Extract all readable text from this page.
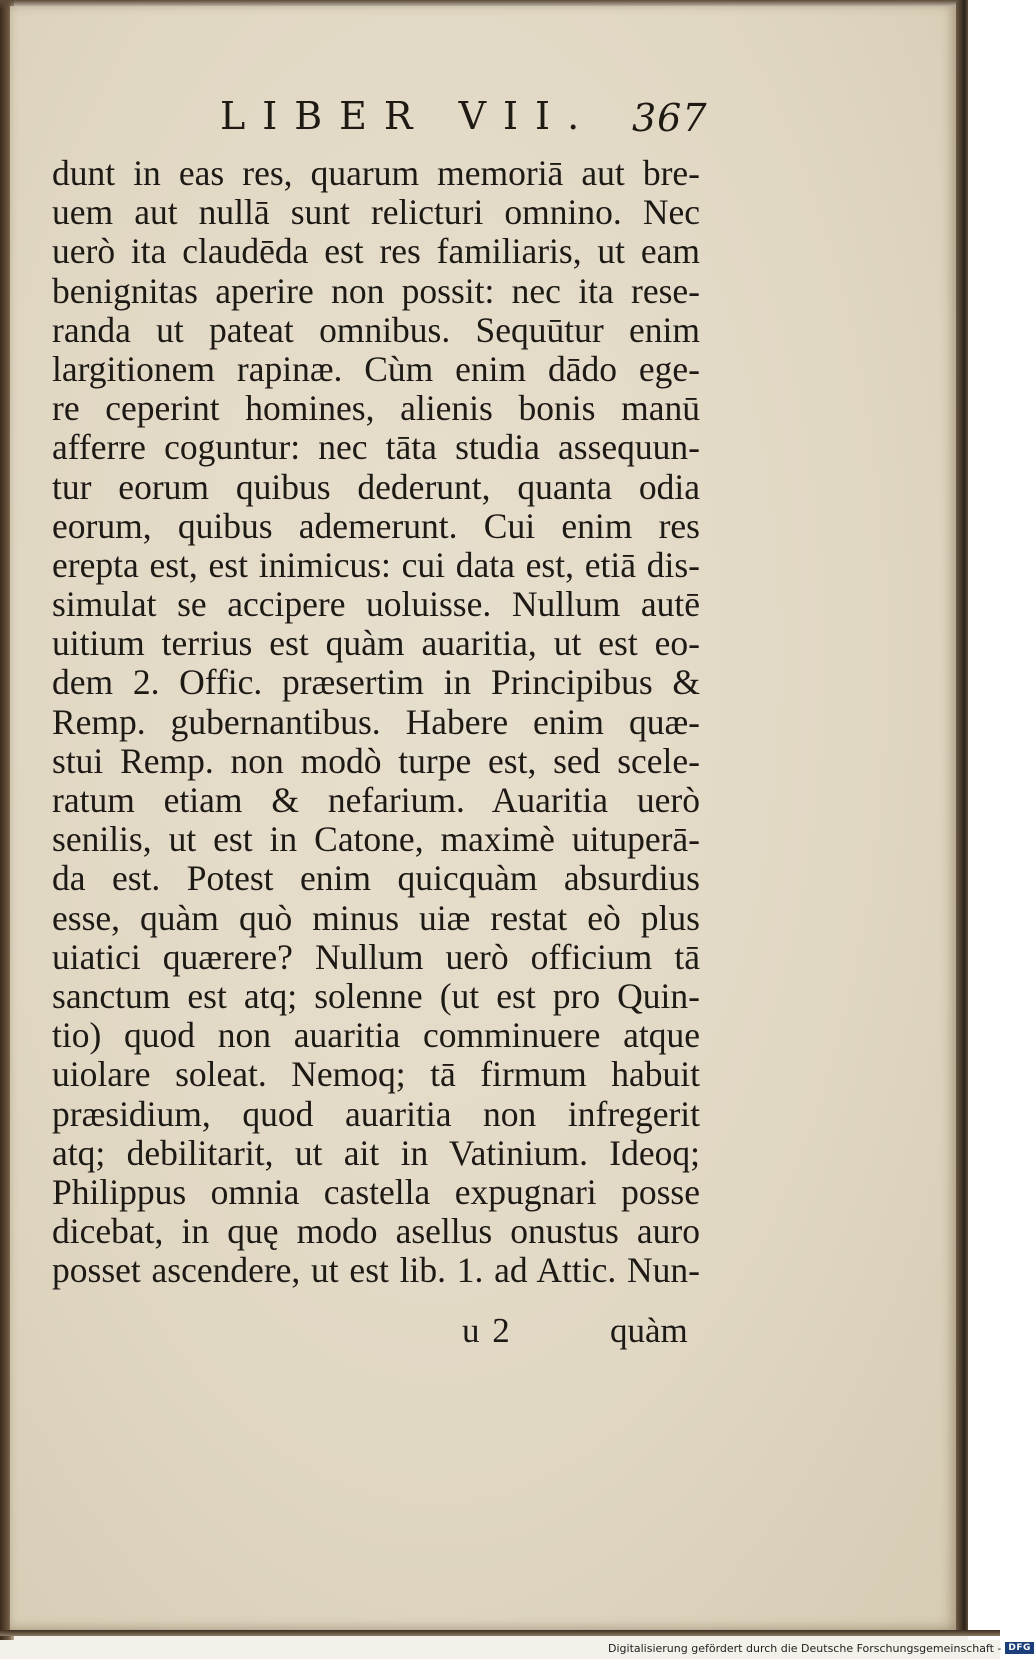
LIBER VII. 367
dunt in eas res, quarum memoriā aut bre-
uem aut nullā sunt relicturi omnino. Nec
uerò ita claudēda est res familiaris, ut eam
benignitas aperire non possit: nec ita rese-
randa ut pateat omnibus. Sequūtur enim
largitionem rapinæ. Cùm enim dādo ege-
re ceperint homines, alienis bonis manū
afferre coguntur: nec tāta studia assequun-
tur eorum quibus dederunt, quanta odia
eorum, quibus ademerunt. Cui enim res
erepta est, est inimicus: cui data est, etiā dis-
simulat se accipere uoluisse. Nullum autē
uitium terrius est quàm auaritia, ut est eo-
dem 2. Offic. præsertim in Principibus &
Remp. gubernantibus. Habere enim quæ-
stui Remp. non modò turpe est, sed scele-
ratum etiam & nefarium. Auaritia uerò
senilis, ut est in Catone, maximè uituperā-
da est. Potest enim quicquàm absurdius
esse, quàm quò minus uiæ restat eò plus
uiatici quærere? Nullum uerò officium tā
sanctum est atq; solenne (ut est pro Quin-
tio) quod non auaritia comminuere atque
uiolare soleat. Nemoq; tā firmum habuit
præsidium, quod auaritia non infregerit
atq; debilitarit, ut ait in Vatinium. Ideoq;
Philippus omnia castella expugnari posse
dicebat, in quę modo asellus onustus auro
posset ascendere, ut est lib. 1. ad Attic. Nun-
u 2	quàm
Digitalisierung gefördert durch die Deutsche Forschungsgemeinschaft - DFG
